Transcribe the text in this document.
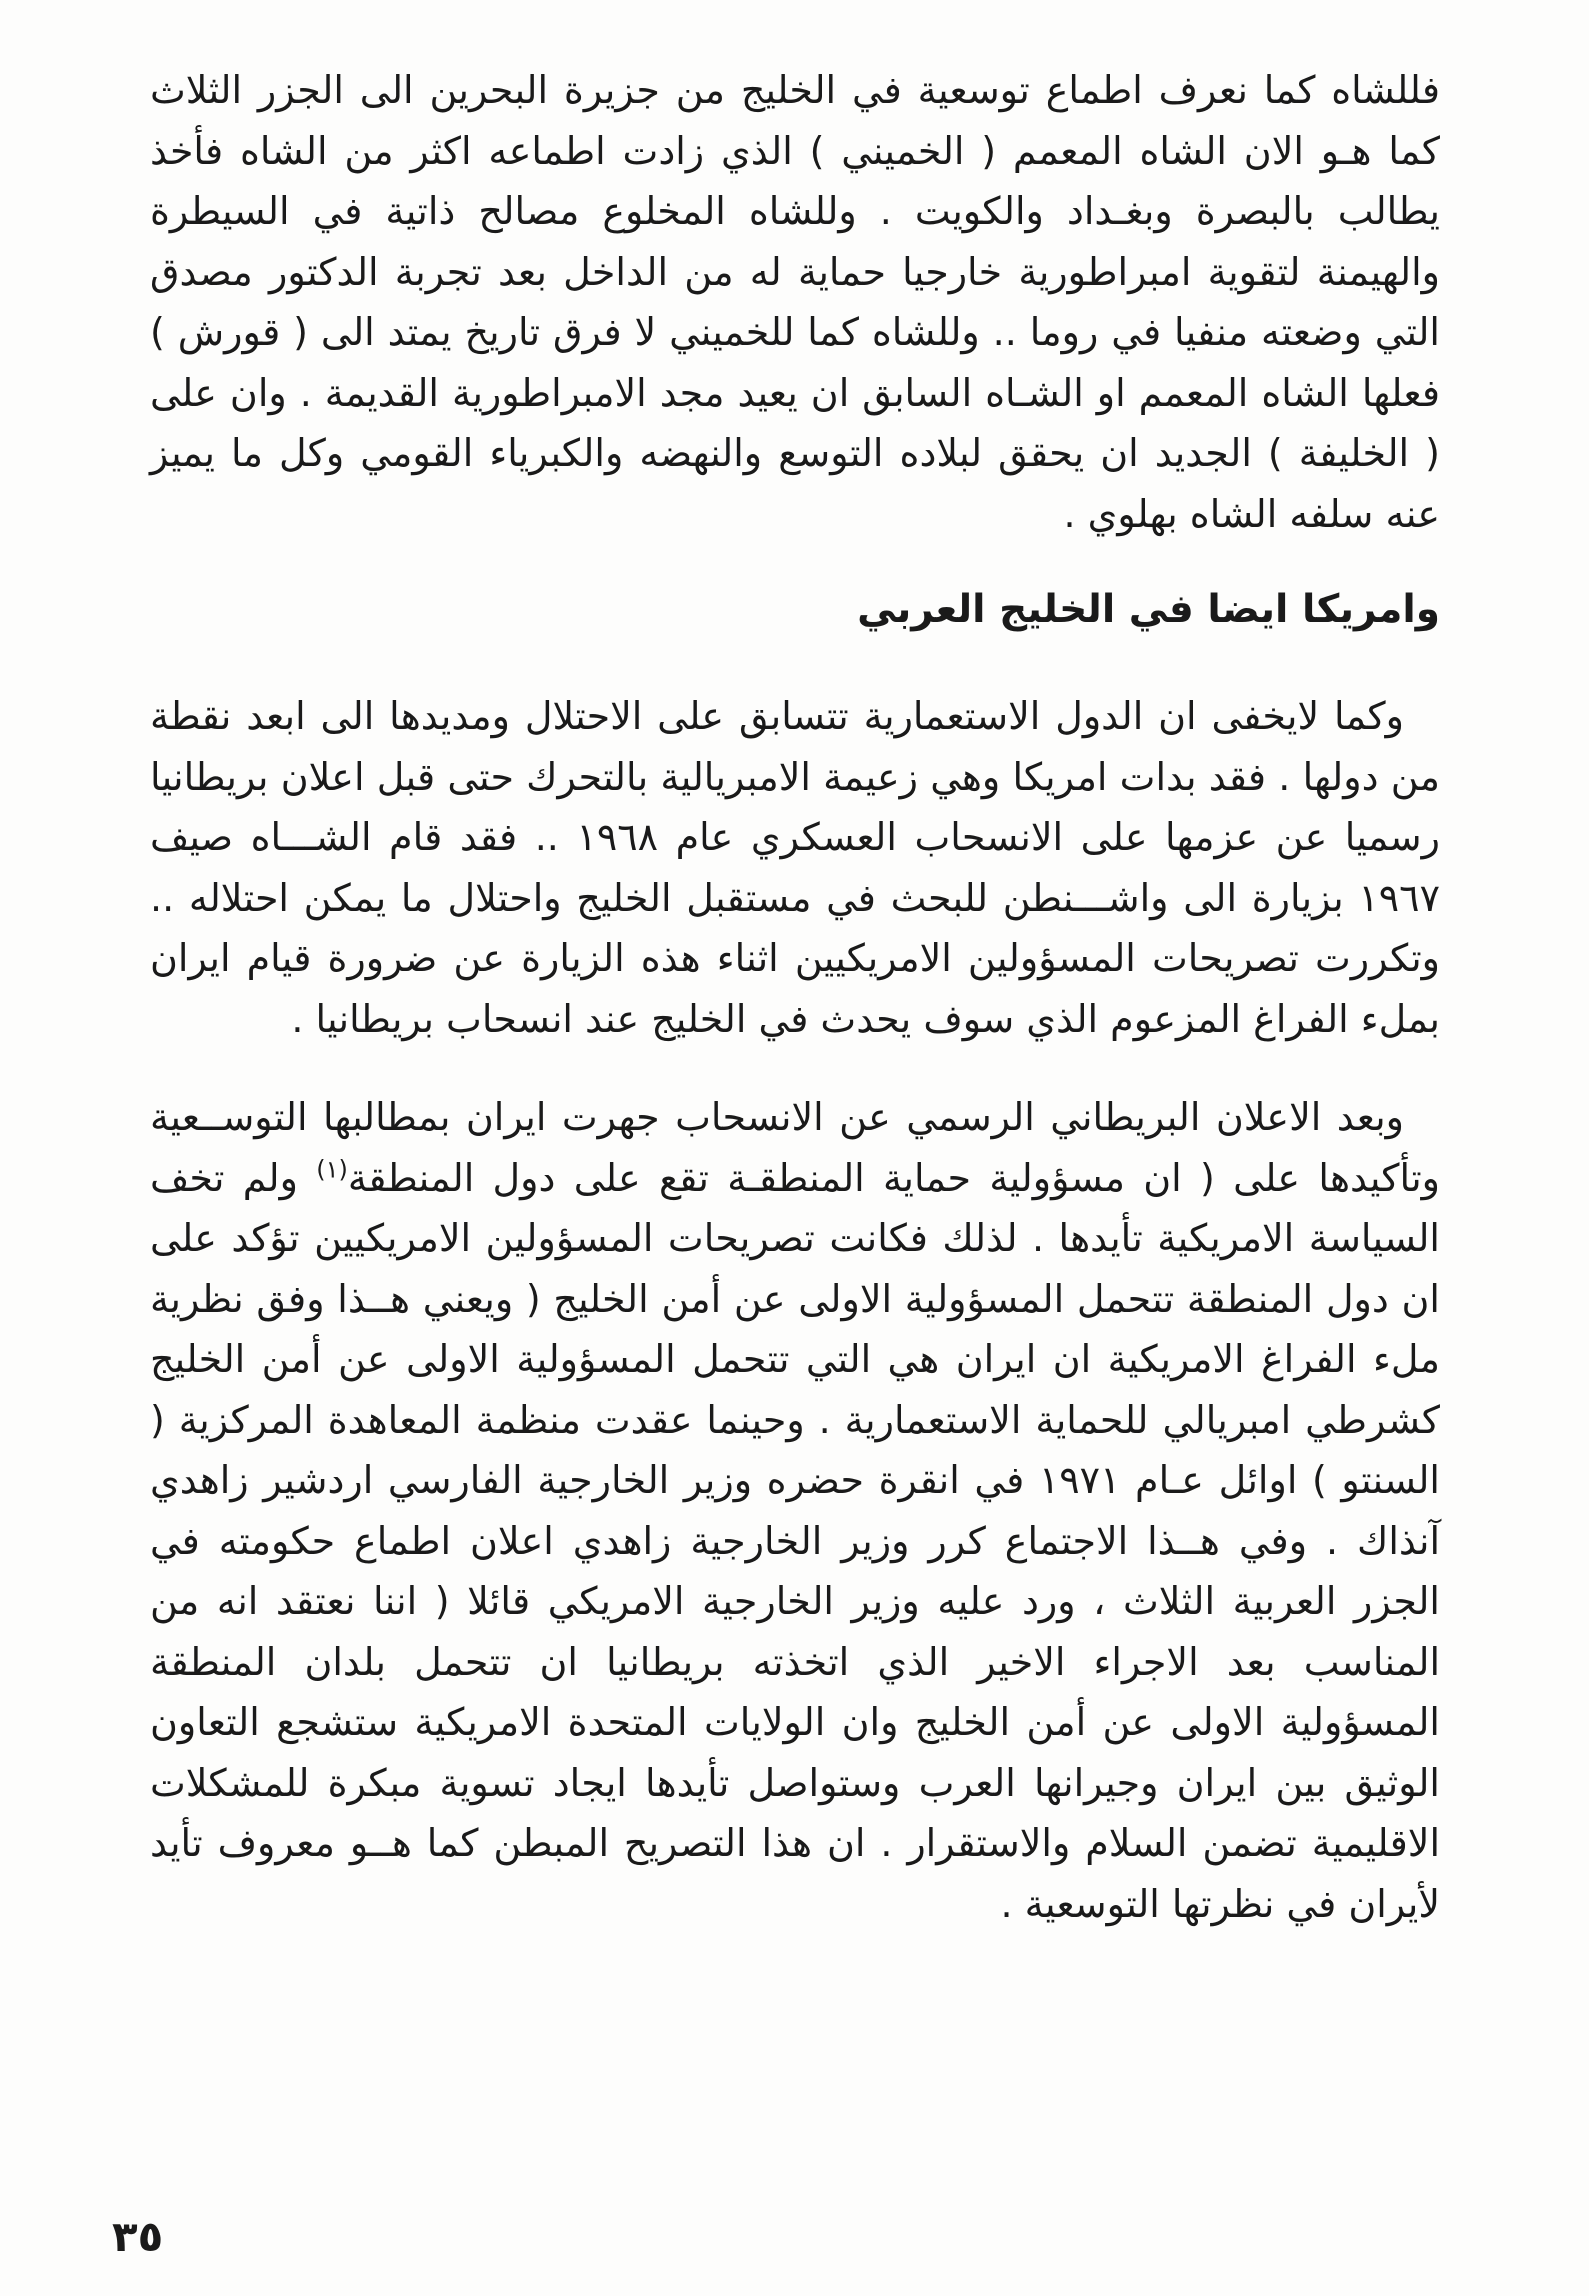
فللشاه كما نعرف اطماع توسعية في الخليج من جزيرة البحرين الى الجزر الثلاث كما هـو الان الشاه المعمم ( الخميني ) الذي زادت اطماعه اكثر من الشاه فأخذ يطالب بالبصرة وبغـداد والكويت . وللشاه المخلوع مصالح ذاتية في السيطرة والهيمنة لتقوية امبراطورية خارجيا حماية له من الداخل بعد تجربة الدكتور مصدق التي وضعته منفيا في روما .. وللشاه كما للخميني لا فرق تاريخ يمتد الى ( قورش ) فعلها الشاه المعمم او الشـاه السابق ان يعيد مجد الامبراطورية القديمة . وان على ( الخليفة ) الجديد ان يحقق لبلاده التوسع والنهضه والكبرياء القومي وكل ما يميز عنه سلفه الشاه بهلوي .

وامريكا ايضا في الخليج العربي

وكما لايخفى ان الدول الاستعمارية تتسابق على الاحتلال ومديدها الى ابعد نقطة من دولها . فقد بدات امريكا وهي زعيمة الامبريالية بالتحرك حتى قبل اعلان بريطانيا رسميا عن عزمها على الانسحاب العسكري عام ١٩٦٨ .. فقد قام الشـــاه صيف ١٩٦٧ بزيارة الى واشـــنطن للبحث في مستقبل الخليج واحتلال ما يمكن احتلاله .. وتكررت تصريحات المسؤولين الامريكيين اثناء هذه الزيارة عن ضرورة قيام ايران بملء الفراغ المزعوم الذي سوف يحدث في الخليج عند انسحاب بريطانيا .

وبعد الاعلان البريطاني الرسمي عن الانسحاب جهرت ايران بمطالبها التوســعية وتأكيدها على ( ان مسؤولية حماية المنطقـة تقع على دول المنطقة$^{(١)}$ ولم تخف السياسة الامريكية تأيدها . لذلك فكانت تصريحات المسؤولين الامريكيين تؤكد على ان دول المنطقة تتحمل المسؤولية الاولى عن أمن الخليج ( ويعني هــذا وفق نظرية ملء الفراغ الامريكية ان ايران هي التي تتحمل المسؤولية الاولى عن أمن الخليج كشرطي امبريالي للحماية الاستعمارية . وحينما عقدت منظمة المعاهدة المركزية ( السنتو ) اوائل عـام ١٩٧١ في انقرة حضره وزير الخارجية الفارسي اردشير زاهدي آنذاك . وفي هــذا الاجتماع كرر وزير الخارجية زاهدي اعلان اطماع حكومته في الجزر العربية الثلاث ، ورد عليه وزير الخارجية الامريكي قائلا ( اننا نعتقد انه من المناسب بعد الاجراء الاخير الذي اتخذته بريطانيا ان تتحمل بلدان المنطقة المسؤولية الاولى عن أمن الخليج وان الولايات المتحدة الامريكية ستشجع التعاون الوثيق بين ايران وجيرانها العرب وستواصل تأيدها ايجاد تسوية مبكرة للمشكلات الاقليمية تضمن السلام والاستقرار . ان هذا التصريح المبطن كما هــو معروف تأيد لأيران في نظرتها التوسعية .

٣٥
